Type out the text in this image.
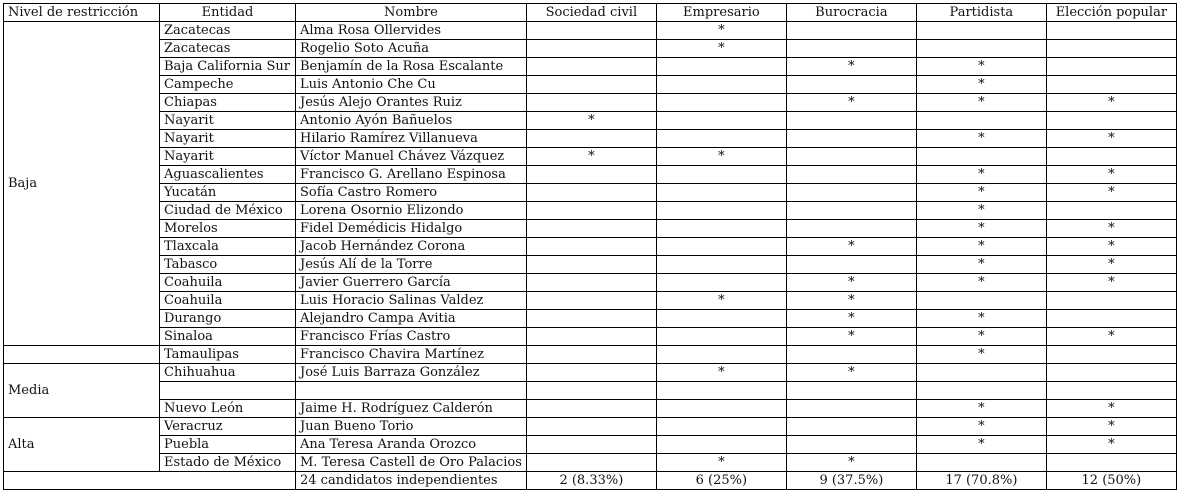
Nivel de restricción	Entidad	Nombre	Sociedad civil	Empresario	Burocracia	Partidista	Elección popular
Baja	Zacatecas	Alma Rosa Ollervides		*			
	Zacatecas	Rogelio Soto Acuña		*			
	Baja California Sur	Benjamín de la Rosa Escalante			*	*	
	Campeche	Luis Antonio Che Cu				*	
	Chiapas	Jesús Alejo Orantes Ruiz			*	*	*
	Nayarit	Antonio Ayón Bañuelos	*				
	Nayarit	Hilario Ramírez Villanueva				*	*
	Nayarit	Víctor Manuel Chávez Vázquez	*	*			
	Aguascalientes	Francisco G. Arellano Espinosa				*	*
	Yucatán	Sofía Castro Romero				*	*
	Ciudad de México	Lorena Osornio Elizondo				*	
	Morelos	Fidel Demédicis Hidalgo				*	*
	Tlaxcala	Jacob Hernández Corona			*	*	*
	Tabasco	Jesús Alí de la Torre				*	*
	Coahuila	Javier Guerrero García			*	*	*
	Coahuila	Luis Horacio Salinas Valdez		*	*		
	Durango	Alejandro Campa Avitia			*	*	
	Sinaloa	Francisco Frías Castro			*	*	*
	Tamaulipas	Francisco Chavira Martínez				*	
Media	Chihuahua	José Luis Barraza González		*	*		

	Nuevo León	Jaime H. Rodríguez Calderón				*	*
Alta	Veracruz	Juan Bueno Torio				*	*
	Puebla	Ana Teresa Aranda Orozco				*	*
	Estado de México	M. Teresa Castell de Oro Palacios		*	*		
		24 candidatos independientes	2 (8.33%)	6 (25%)	9 (37.5%)	17 (70.8%)	12 (50%)
